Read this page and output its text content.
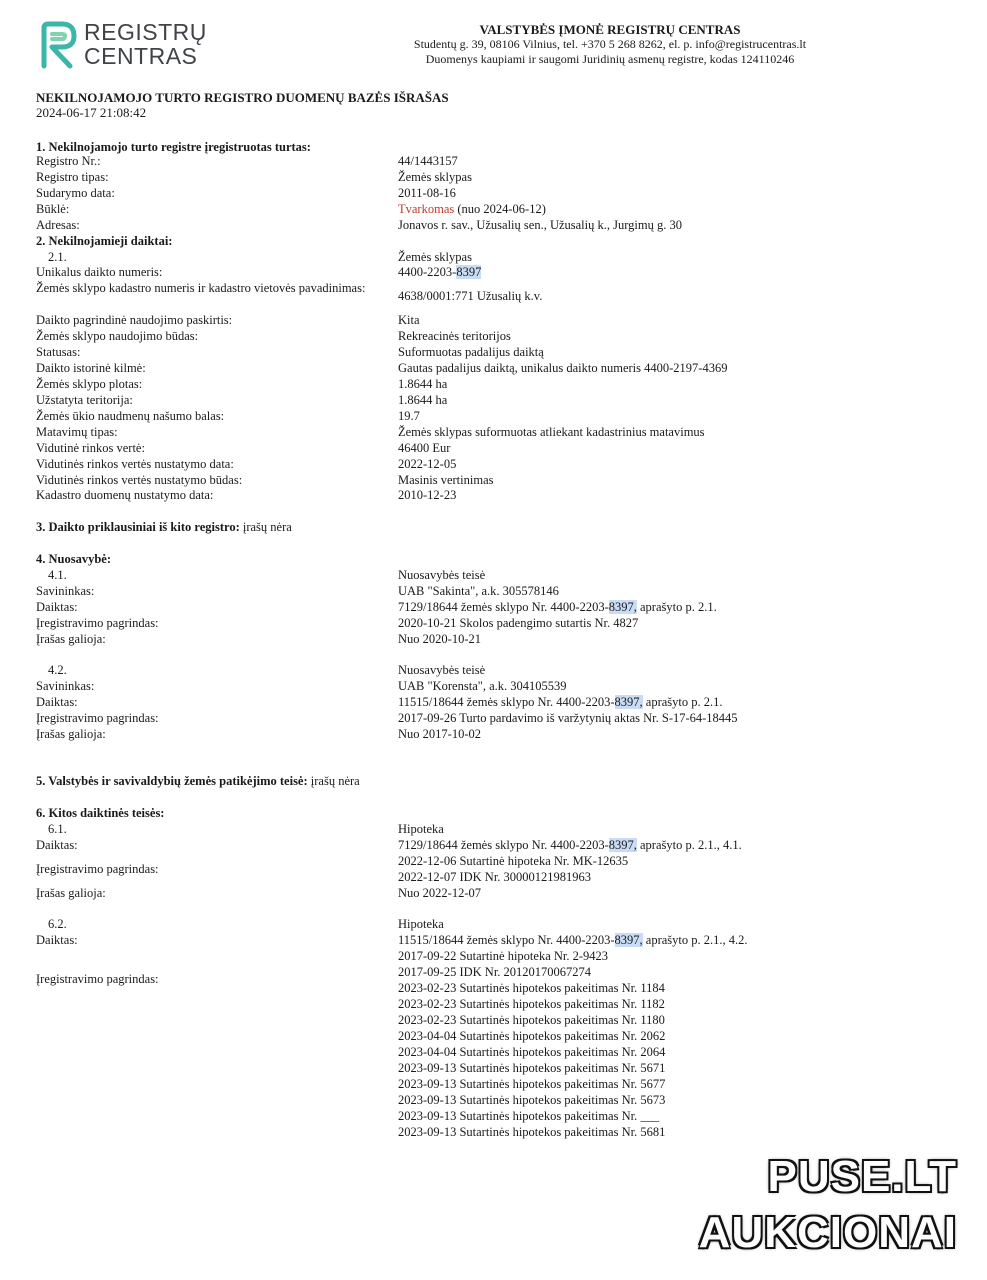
REGISTRŲ
CENTRAS
VALSTYBĖS ĮMONĖ REGISTRŲ CENTRAS
Studentų g. 39, 08106 Vilnius, tel. +370 5 268 8262, el. p. info@registrucentras.lt
Duomenys kaupiami ir saugomi Juridinių asmenų registre, kodas 124110246
NEKILNOJAMOJO TURTO REGISTRO DUOMENŲ BAZĖS IŠRAŠAS
2024-06-17 21:08:42
1. Nekilnojamojo turto registre įregistruotas turtas:
Registro Nr.:	44/1443157
Registro tipas:	Žemės sklypas
Sudarymo data:	2011-08-16
Būklė:	Tvarkomas (nuo 2024-06-12)
Adresas:	Jonavos r. sav., Užusalių sen., Užusalių k., Jurgimų g. 30
2. Nekilnojamieji daiktai:
2.1.	Žemės sklypas
Unikalus daikto numeris:	4400-2203-8397
Žemės sklypo kadastro numeris ir kadastro vietovės pavadinimas:
4638/0001:771 Užusalių k.v.
Daikto pagrindinė naudojimo paskirtis:	Kita
Žemės sklypo naudojimo būdas:	Rekreacinės teritorijos
Statusas:	Suformuotas padalijus daiktą
Daikto istorinė kilmė:	Gautas padalijus daiktą, unikalus daikto numeris 4400-2197-4369
Žemės sklypo plotas:	1.8644 ha
Užstatyta teritorija:	1.8644 ha
Žemės ūkio naudmenų našumo balas:	19.7
Matavimų tipas:	Žemės sklypas suformuotas atliekant kadastrinius matavimus
Vidutinė rinkos vertė:	46400 Eur
Vidutinės rinkos vertės nustatymo data:	2022-12-05
Vidutinės rinkos vertės nustatymo būdas:	Masinis vertinimas
Kadastro duomenų nustatymo data:	2010-12-23
3. Daikto priklausiniai iš kito registro: įrašų nėra
4. Nuosavybė:
4.1.	Nuosavybės teisė
Savininkas:	UAB "Sakinta", a.k. 305578146
Daiktas:	7129/18644 žemės sklypo Nr. 4400-2203-8397, aprašyto p. 2.1.
Įregistravimo pagrindas:	2020-10-21 Skolos padengimo sutartis Nr. 4827
Įrašas galioja:	Nuo 2020-10-21
4.2.	Nuosavybės teisė
Savininkas:	UAB "Korensta", a.k. 304105539
Daiktas:	11515/18644 žemės sklypo Nr. 4400-2203-8397, aprašyto p. 2.1.
Įregistravimo pagrindas:	2017-09-26 Turto pardavimo iš varžytynių aktas Nr. S-17-64-18445
Įrašas galioja:	Nuo 2017-10-02
5. Valstybės ir savivaldybių žemės patikėjimo teisė: įrašų nėra
6. Kitos daiktinės teisės:
6.1.	Hipoteka
Daiktas:	7129/18644 žemės sklypo Nr. 4400-2203-8397, aprašyto p. 2.1., 4.1.
Įregistravimo pagrindas:
2022-12-06 Sutartinė hipoteka Nr. MK-12635
2022-12-07 IDK Nr. 30000121981963
Įrašas galioja:	Nuo 2022-12-07
6.2.	Hipoteka
Daiktas:	11515/18644 žemės sklypo Nr. 4400-2203-8397, aprašyto p. 2.1., 4.2.
Įregistravimo pagrindas:
2017-09-22 Sutartinė hipoteka Nr. 2-9423
2017-09-25 IDK Nr. 20120170067274
2023-02-23 Sutartinės hipotekos pakeitimas Nr. 1184
2023-02-23 Sutartinės hipotekos pakeitimas Nr. 1182
2023-02-23 Sutartinės hipotekos pakeitimas Nr. 1180
2023-04-04 Sutartinės hipotekos pakeitimas Nr. 2062
2023-04-04 Sutartinės hipotekos pakeitimas Nr. 2064
2023-09-13 Sutartinės hipotekos pakeitimas Nr. 5671
2023-09-13 Sutartinės hipotekos pakeitimas Nr. 5677
2023-09-13 Sutartinės hipotekos pakeitimas Nr. 5673
2023-09-13 Sutartinės hipotekos pakeitimas Nr. ___
2023-09-13 Sutartinės hipotekos pakeitimas Nr. 5681
PUSE.LT
AUKCIONAI
